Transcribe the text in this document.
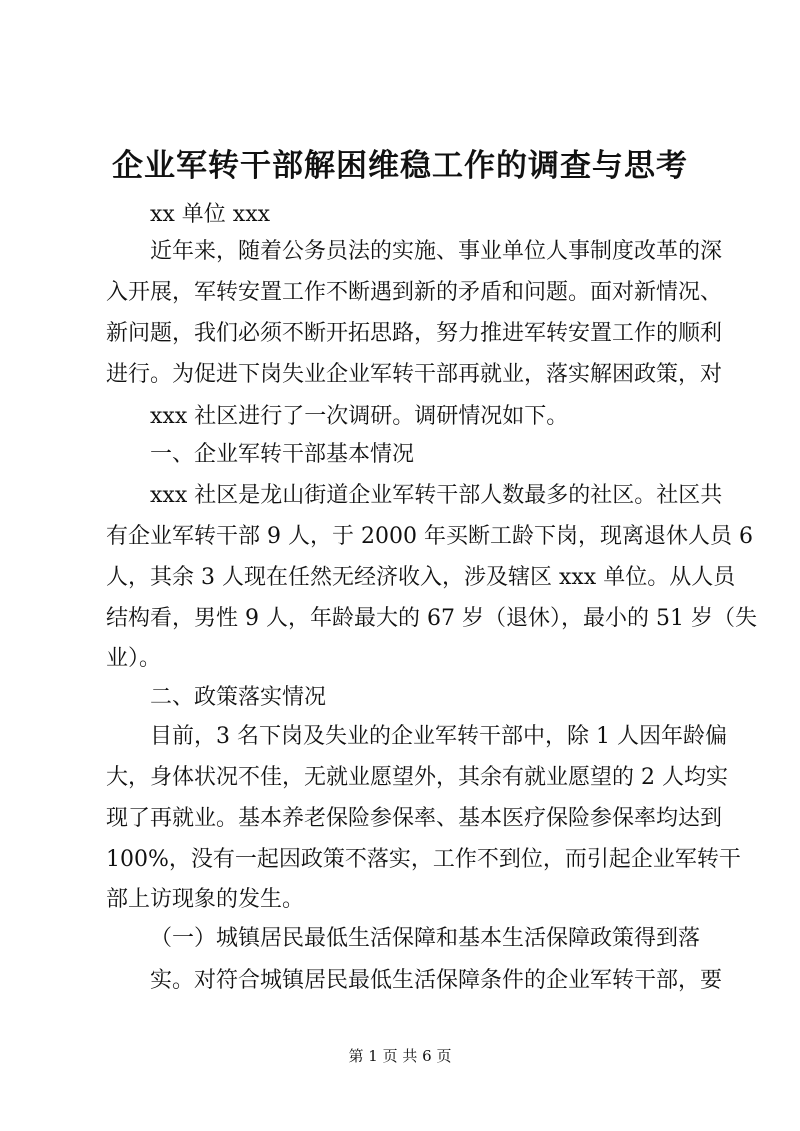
企业军转干部解困维稳工作的调查与思考
xx 单位 xxx
近年来，随着公务员法的实施、事业单位人事制度改革的深
入开展，军转安置工作不断遇到新的矛盾和问题。面对新情况、
新问题，我们必须不断开拓思路，努力推进军转安置工作的顺利
进行。为促进下岗失业企业军转干部再就业，落实解困政策，对
xxx 社区进行了一次调研。调研情况如下。
一、企业军转干部基本情况
xxx 社区是龙山街道企业军转干部人数最多的社区。社区共
有企业军转干部 9 人，于 2000 年买断工龄下岗，现离退休人员 6
人，其余 3 人现在任然无经济收入，涉及辖区 xxx 单位。从人员
结构看，男性 9 人，年龄最大的 67 岁（退休），最小的 51 岁（失
业）。
二、政策落实情况
目前，3 名下岗及失业的企业军转干部中，除 1 人因年龄偏
大，身体状况不佳，无就业愿望外，其余有就业愿望的 2 人均实
现了再就业。基本养老保险参保率、基本医疗保险参保率均达到
100%，没有一起因政策不落实，工作不到位，而引起企业军转干
部上访现象的发生。
（一）城镇居民最低生活保障和基本生活保障政策得到落
实。对符合城镇居民最低生活保障条件的企业军转干部，要
第 1 页 共 6 页
